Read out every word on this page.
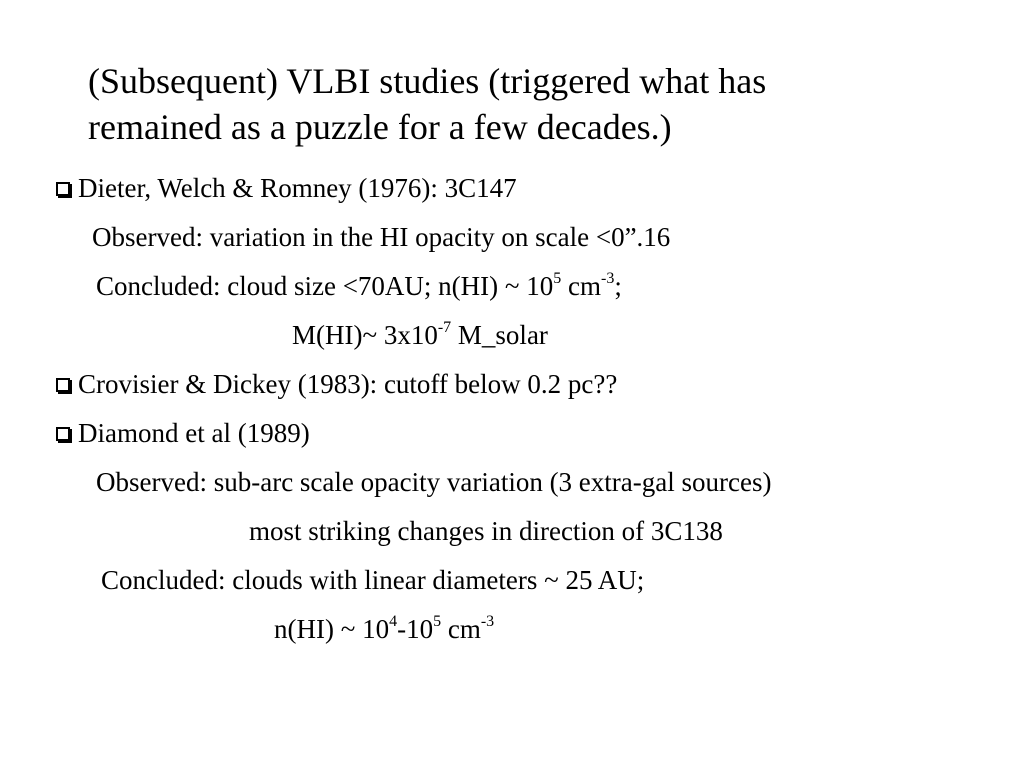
(Subsequent) VLBI studies (triggered what has
remained as a puzzle for a few decades.)
Dieter, Welch & Romney (1976): 3C147
Observed: variation in the HI opacity on scale <0”.16
Concluded: cloud size <70AU; n(HI) ~ $10^5$ $cm^{-3}$;
M(HI)~ $3x10^{-7}$ M_solar
Crovisier & Dickey (1983): cutoff below 0.2 pc??
Diamond et al (1989)
Observed: sub-arc scale opacity variation (3 extra-gal sources)
most striking changes in direction of 3C138
Concluded: clouds with linear diameters ~ 25 AU;
n(HI) ~ $10^4-10^5$ $cm^{-3}$
